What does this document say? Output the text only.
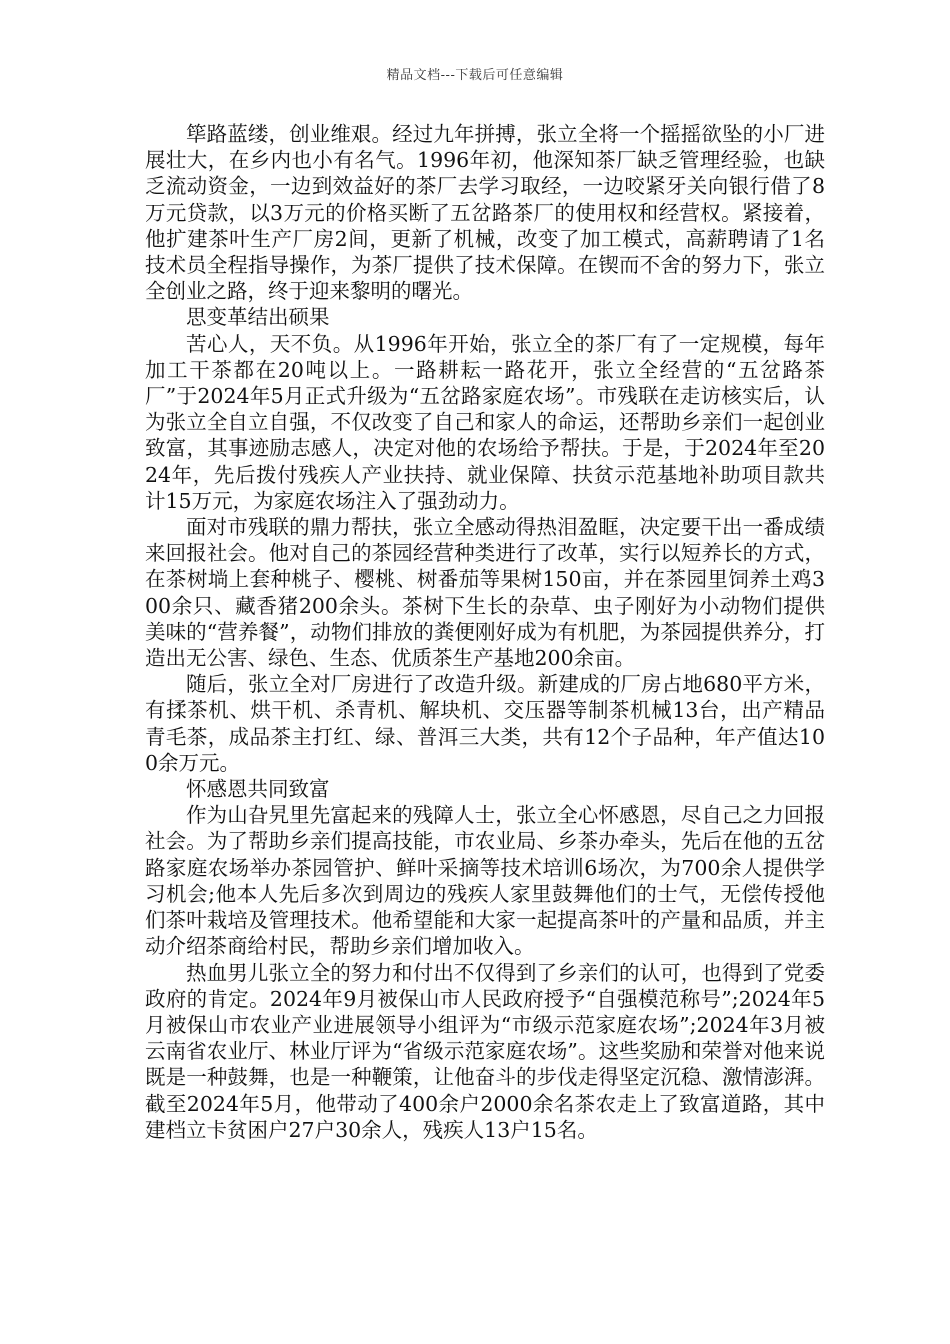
精品文档---下载后可任意编辑

筚路蓝缕，创业维艰。经过九年拼搏，张立全将一个摇摇欲坠的小厂进展壮大，在乡内也小有名气。1996年初，他深知茶厂缺乏管理经验，也缺乏流动资金，一边到效益好的茶厂去学习取经，一边咬紧牙关向银行借了8万元贷款，以3万元的价格买断了五岔路茶厂的使用权和经营权。紧接着，他扩建茶叶生产厂房2间，更新了机械，改变了加工模式，高薪聘请了1名技术员全程指导操作，为茶厂提供了技术保障。在锲而不舍的努力下，张立全创业之路，终于迎来黎明的曙光。

思变革结出硕果

苦心人，天不负。从1996年开始，张立全的茶厂有了一定规模，每年加工干茶都在20吨以上。一路耕耘一路花开，张立全经营的“五岔路茶厂”于2024年5月正式升级为“五岔路家庭农场”。市残联在走访核实后，认为张立全自立自强，不仅改变了自己和家人的命运，还帮助乡亲们一起创业致富，其事迹励志感人，决定对他的农场给予帮扶。于是，于2024年至2024年，先后拨付残疾人产业扶持、就业保障、扶贫示范基地补助项目款共计15万元，为家庭农场注入了强劲动力。

面对市残联的鼎力帮扶，张立全感动得热泪盈眶，决定要干出一番成绩来回报社会。他对自己的茶园经营种类进行了改革，实行以短养长的方式，在茶树埫上套种桃子、樱桃、树番茄等果树150亩，并在茶园里饲养土鸡300余只、藏香猪200余头。茶树下生长的杂草、虫子刚好为小动物们提供美味的“营养餐”，动物们排放的粪便刚好成为有机肥，为茶园提供养分，打造出无公害、绿色、生态、优质茶生产基地200余亩。

随后，张立全对厂房进行了改造升级。新建成的厂房占地680平方米，有揉茶机、烘干机、杀青机、解块机、交压器等制茶机械13台，出产精品青毛茶，成品茶主打红、绿、普洱三大类，共有12个子品种，年产值达100余万元。

怀感恩共同致富

作为山旮旯里先富起来的残障人士，张立全心怀感恩，尽自己之力回报社会。为了帮助乡亲们提高技能，市农业局、乡茶办牵头，先后在他的五岔路家庭农场举办茶园管护、鲜叶采摘等技术培训6场次，为700余人提供学习机会;他本人先后多次到周边的残疾人家里鼓舞他们的士气，无偿传授他们茶叶栽培及管理技术。他希望能和大家一起提高茶叶的产量和品质，并主动介绍茶商给村民，帮助乡亲们增加收入。

热血男儿张立全的努力和付出不仅得到了乡亲们的认可，也得到了党委政府的肯定。2024年9月被保山市人民政府授予“自强模范称号”;2024年5月被保山市农业产业进展领导小组评为“市级示范家庭农场”;2024年3月被云南省农业厅、林业厅评为“省级示范家庭农场”。这些奖励和荣誉对他来说既是一种鼓舞，也是一种鞭策，让他奋斗的步伐走得坚定沉稳、激情澎湃。截至2024年5月，他带动了400余户2000余名茶农走上了致富道路，其中建档立卡贫困户27户30余人，残疾人13户15名。
